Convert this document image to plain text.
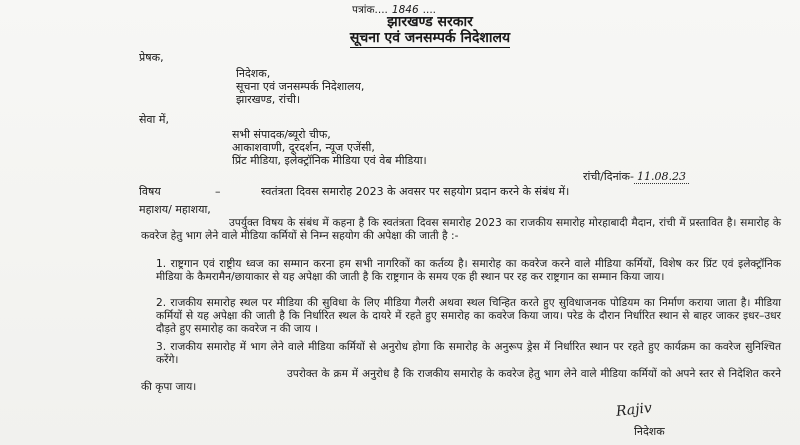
पत्रांक.... 1846 ....
झारखण्ड सरकार
सूचना एवं जनसम्पर्क निदेशालय
प्रेषक,
निदेशक,
सूचना एवं जनसम्पर्क निदेशालय,
झारखण्ड, रांची।
सेवा में,
सभी संपादक/ब्यूरो चीफ,
आकाशवाणी, दूरदर्शन, न्यूज एजेंसी,
प्रिंट मीडिया, इलेक्ट्रॉनिक मीडिया एवं वेब मीडिया।
रांची/दिनांक- 11.08.23
विषय	–	स्वतंत्रता दिवस समारोह 2023 के अवसर पर सहयोग प्रदान करने के संबंध में।
महाशय/ महाशया,
उपर्युक्त विषय के संबंध में कहना है कि स्वतंत्रता दिवस समारोह 2023 का राजकीय समारोह मोरहाबादी मैदान, रांची में प्रस्तावित है। समारोह के कवरेज हेतु भाग लेने वाले मीडिया कर्मियों से निम्न सहयोग की अपेक्षा की जाती है :-
1. राष्ट्रगान एवं राष्ट्रीय ध्वज का सम्मान करना हम सभी नागरिकों का कर्तव्य है। समारोह का कवरेज करने वाले मीडिया कर्मियों, विशेष कर प्रिंट एवं इलेक्ट्रॉनिक मीडिया के कैमरामैन/छायाकार से यह अपेक्षा की जाती है कि राष्ट्रगान के समय एक ही स्थान पर रह कर राष्ट्रगान का सम्मान किया जाय।
2. राजकीय समारोह स्थल पर मीडिया की सुविधा के लिए मीडिया गैलरी अथवा स्थल चिन्हित करते हुए सुविधाजनक पोडियम का निर्माण कराया जाता है। मीडिया कर्मियों से यह अपेक्षा की जाती है कि निर्धारित स्थल के दायरे में रहते हुए समारोह का कवरेज किया जाय। परेड के दौरान निर्धारित स्थान से बाहर जाकर इधर–उधर दौड़ते हुए समारोह का कवरेज न की जाय ।
3. राजकीय समारोह में भाग लेने वाले मीडिया कर्मियों से अनुरोध होगा कि समारोह के अनुरूप ड्रेस में निर्धारित स्थान पर रहते हुए कार्यक्रम का कवरेज सुनिश्चित करेंगे।
उपरोक्त के क्रम में अनुरोध है कि राजकीय समारोह के कवरेज हेतु भाग लेने वाले मीडिया कर्मियों को अपने स्तर से निदेशित करने की कृपा जाय।
Rajiv
निदेशक
